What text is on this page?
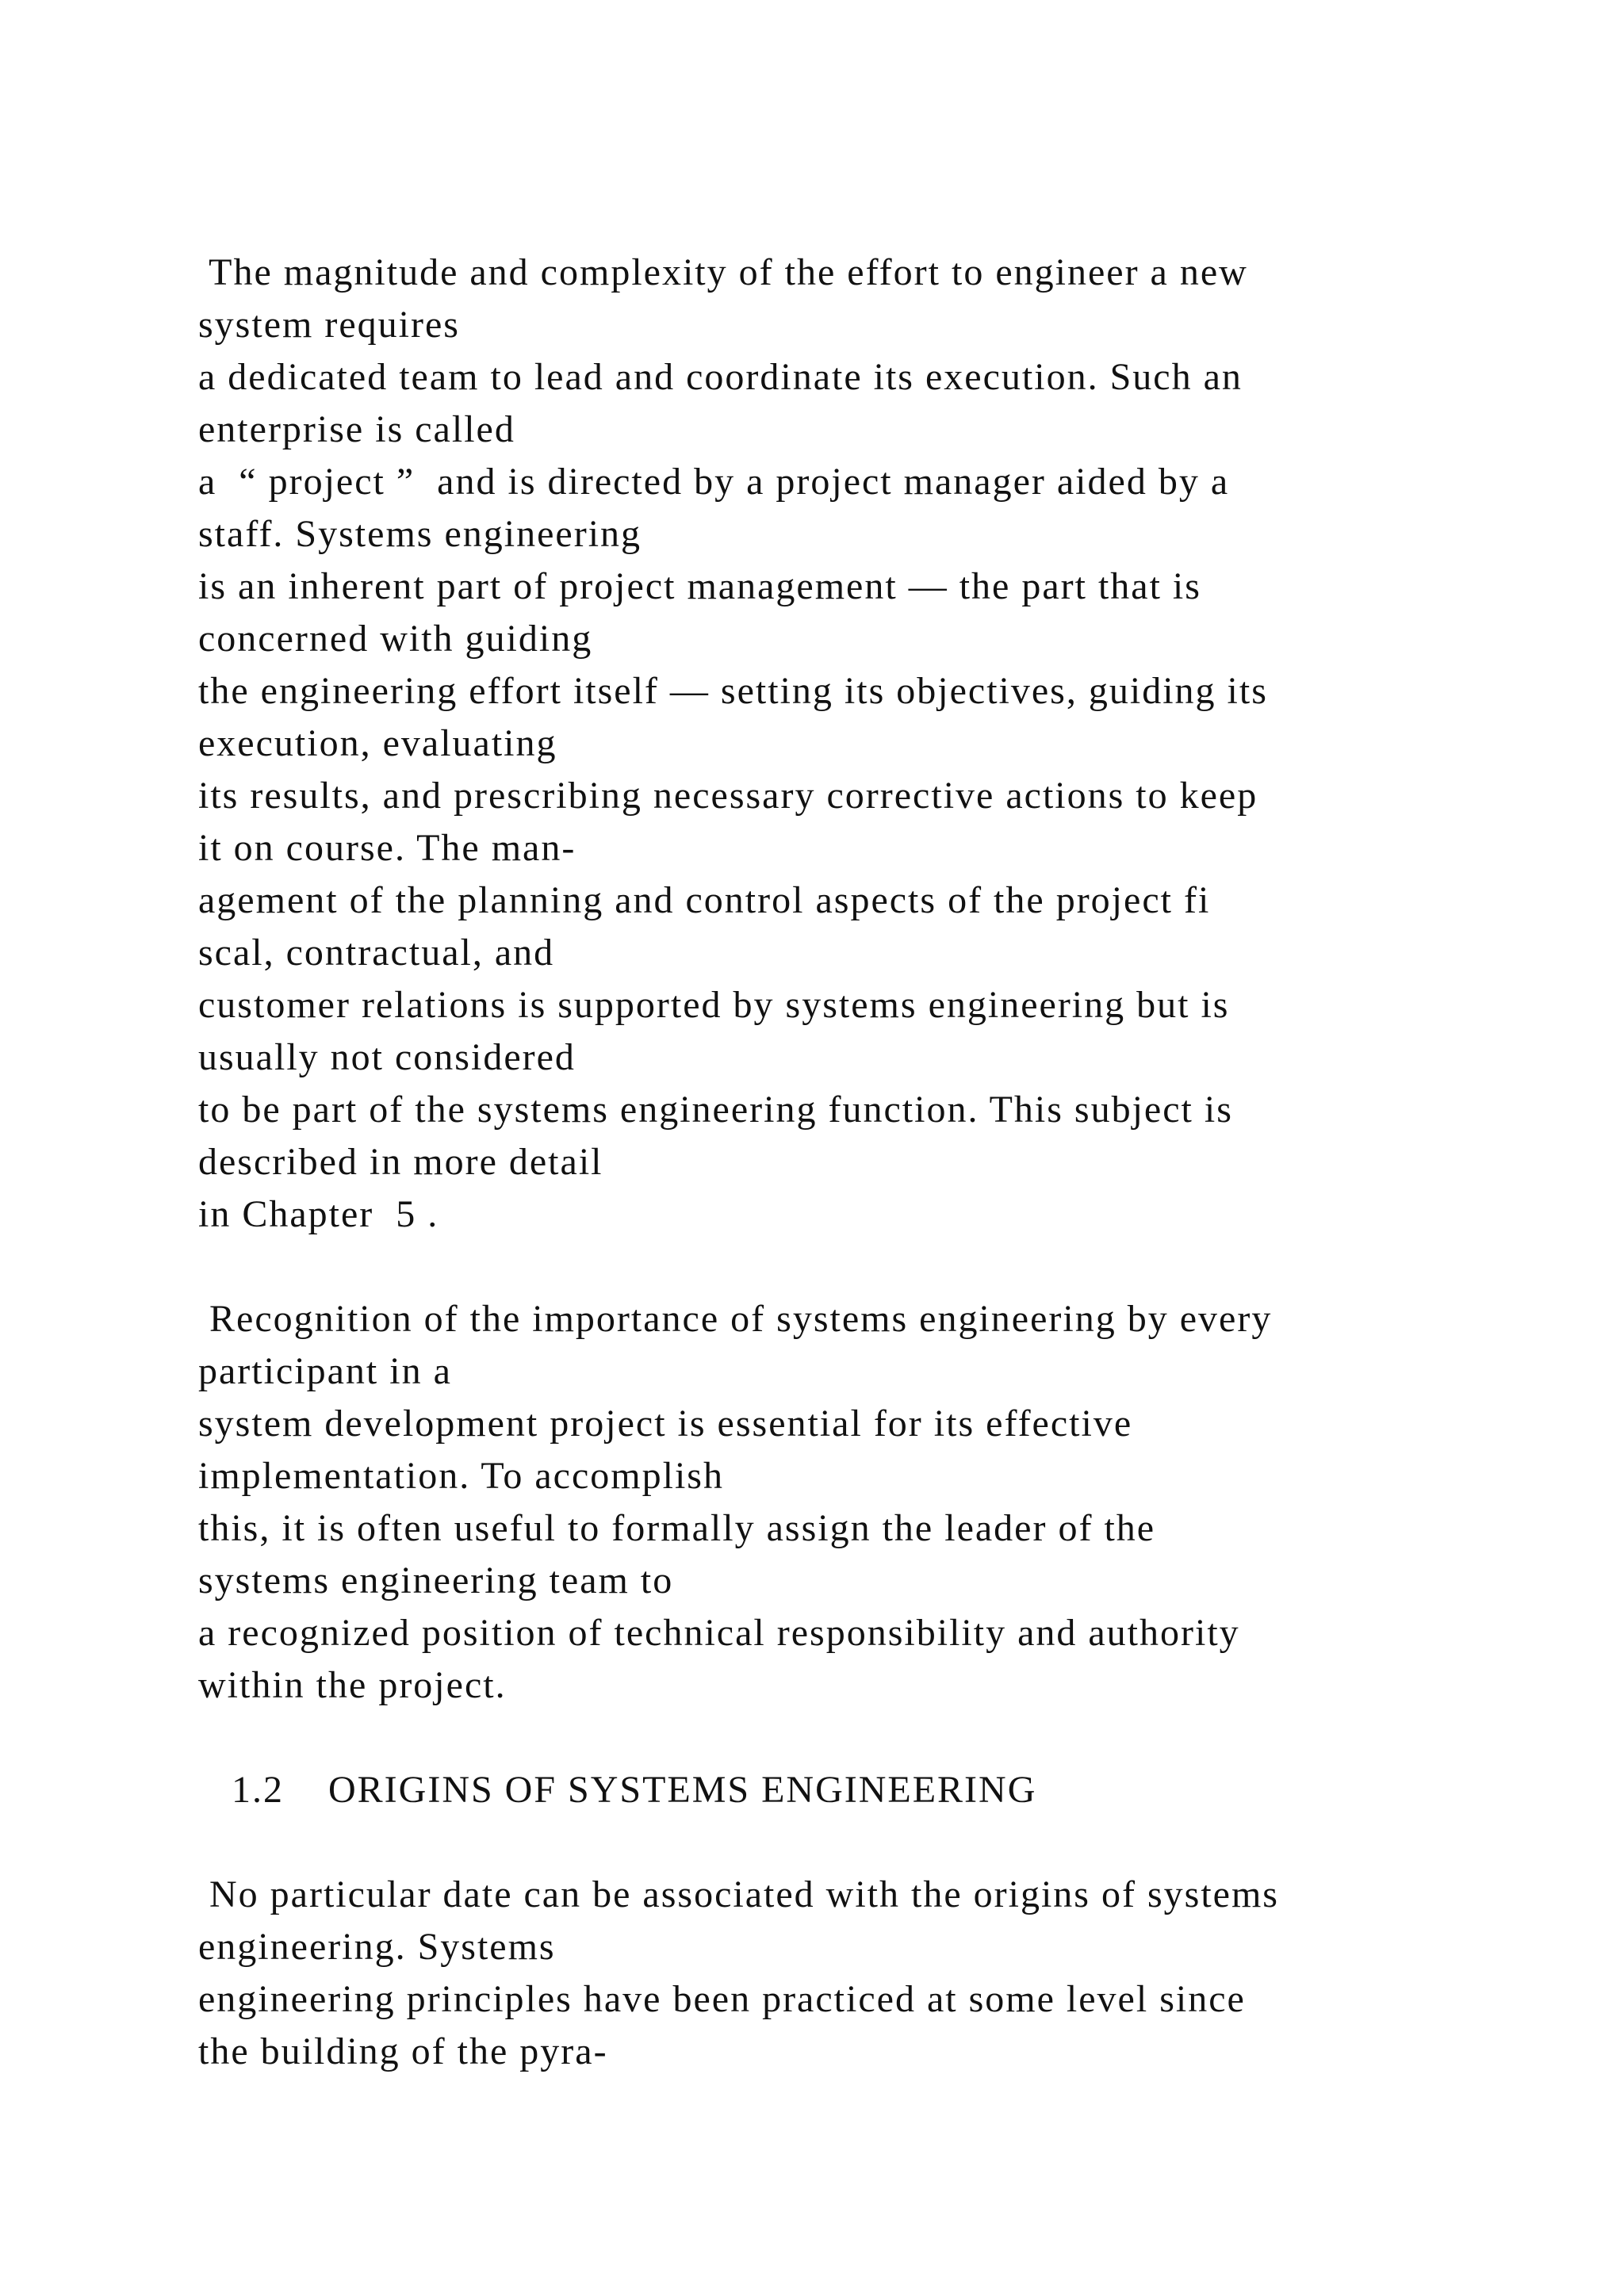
The magnitude and complexity of the effort to engineer a new

system requires

a dedicated team to lead and coordinate its execution. Such an

enterprise is called

a  “ project ”  and is directed by a project manager aided by a

staff. Systems engineering

is an inherent part of project management — the part that is

concerned with guiding

the engineering effort itself — setting its objectives, guiding its

execution, evaluating

its results, and prescribing necessary corrective actions to keep

it on course. The man-

agement of the planning and control aspects of the project fi

scal, contractual, and

customer relations is supported by systems engineering but is

usually not considered

to be part of the systems engineering function. This subject is

described in more detail

in Chapter  5 .

Recognition of the importance of systems engineering by every

participant in a

system development project is essential for its effective

implementation. To accomplish

this, it is often useful to formally assign the leader of the

systems engineering team to

a recognized position of technical responsibility and authority

within the project.

1.2    ORIGINS OF SYSTEMS ENGINEERING

No particular date can be associated with the origins of systems

engineering. Systems

engineering principles have been practiced at some level since

the building of the pyra-
